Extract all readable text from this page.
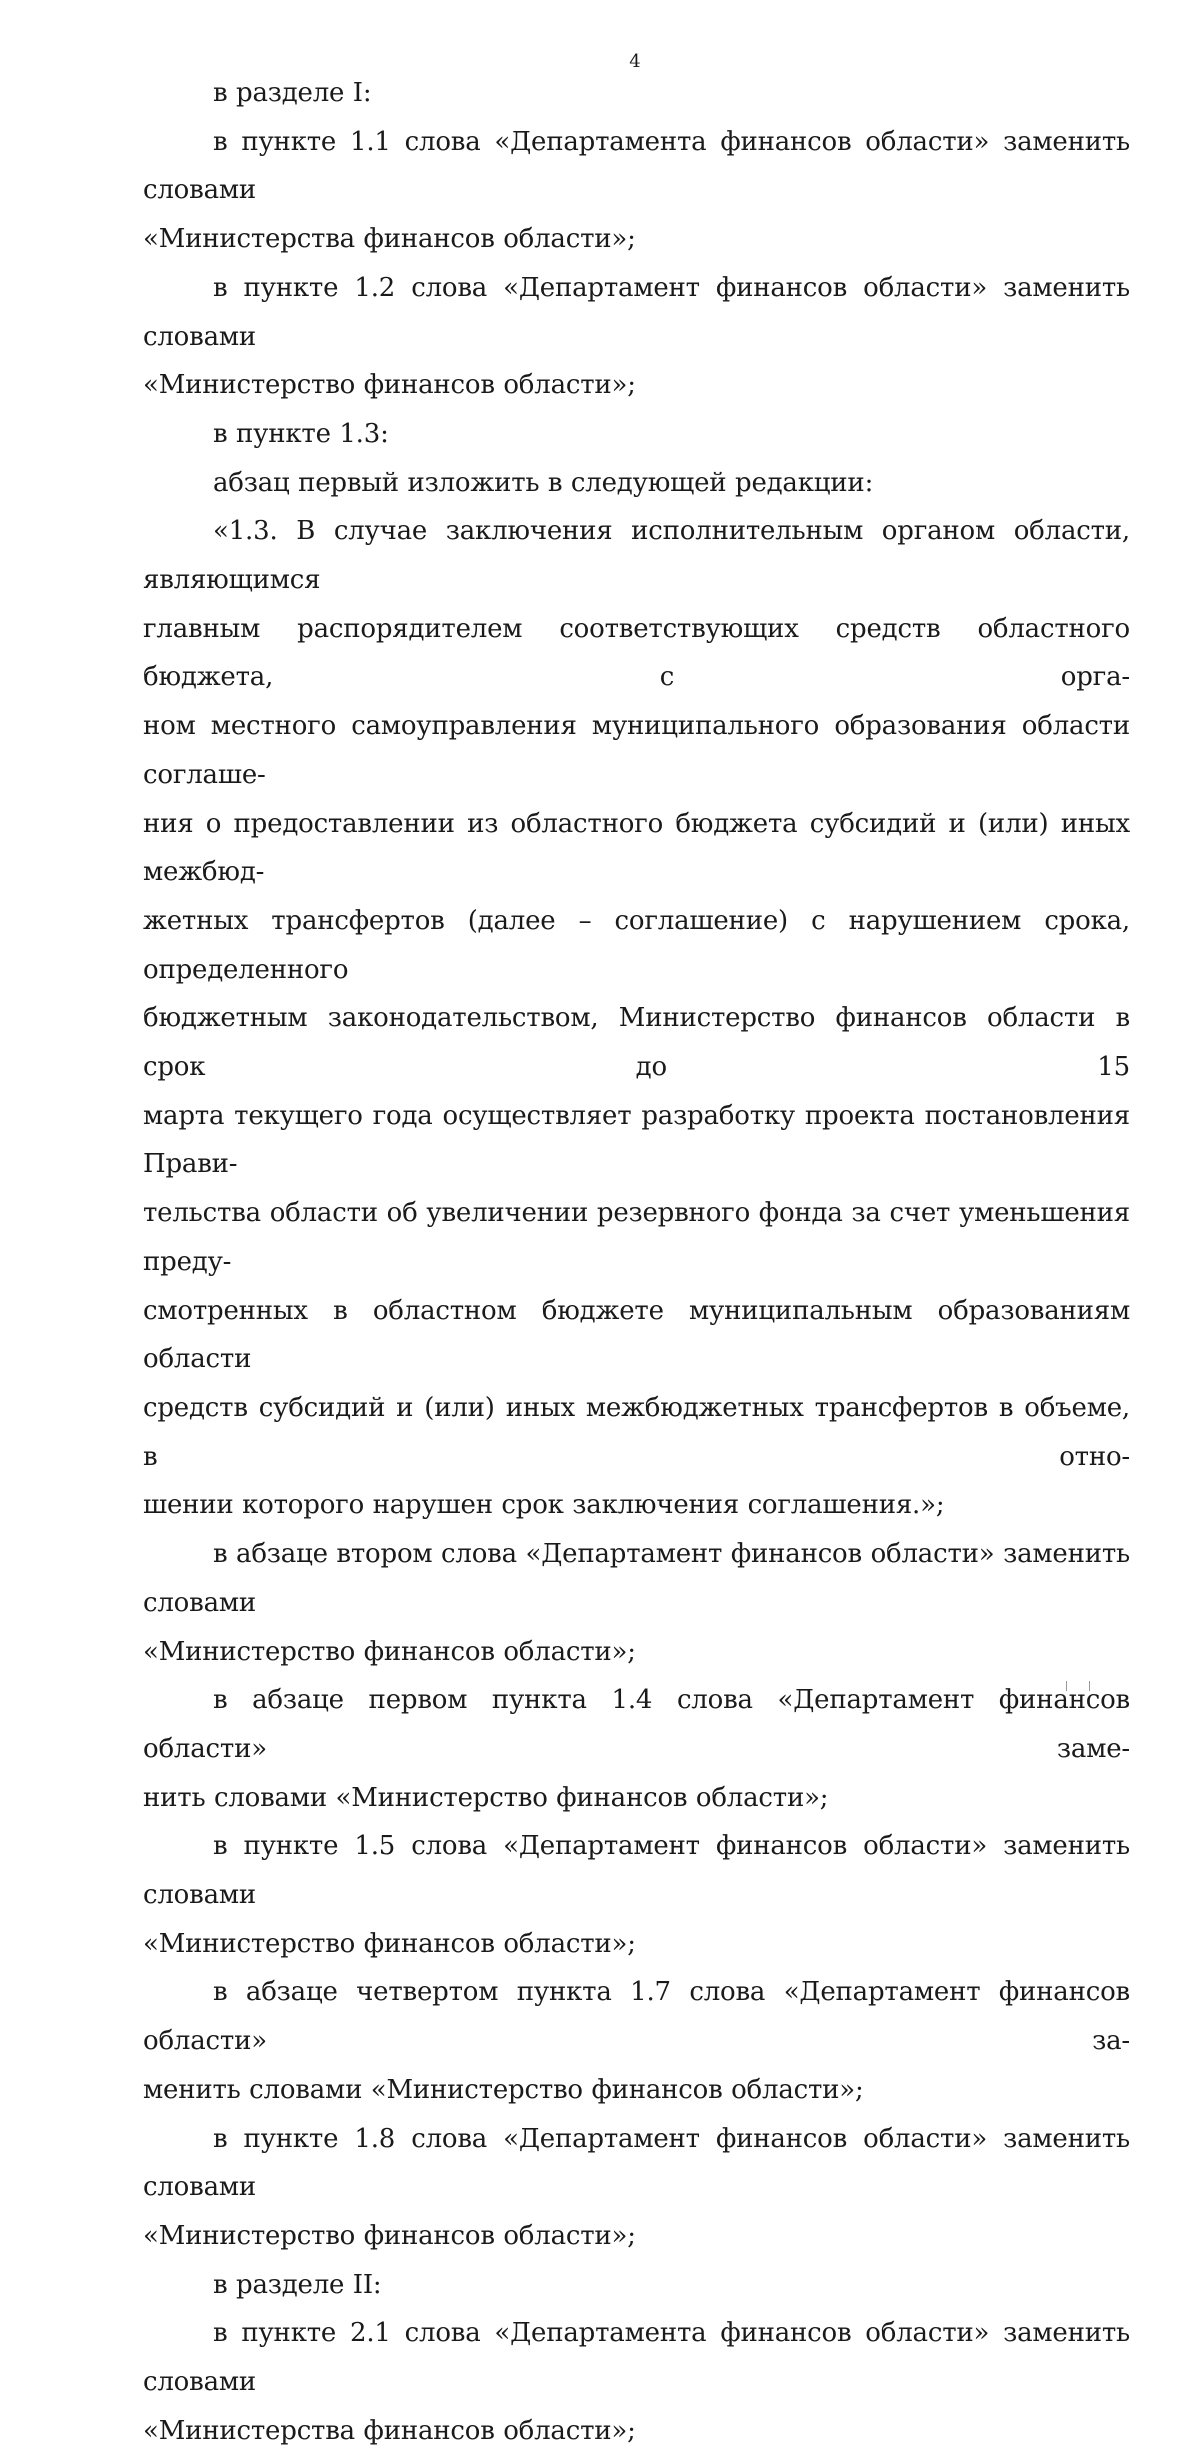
4
в разделе I:
в пункте 1.1 слова «Департамента финансов области» заменить словами
«Министерства финансов области»;
в пункте 1.2 слова «Департамент финансов области» заменить словами
«Министерство финансов области»;
в пункте 1.3:
абзац первый изложить в следующей редакции:
«1.3. В случае заключения исполнительным органом области, являющимся
главным распорядителем соответствующих средств областного бюджета, с орга-
ном местного самоуправления муниципального образования области соглаше-
ния о предоставлении из областного бюджета субсидий и (или) иных межбюд-
жетных трансфертов (далее – соглашение) с нарушением срока, определенного
бюджетным законодательством, Министерство финансов области в срок до 15
марта текущего года осуществляет разработку проекта постановления Прави-
тельства области об увеличении резервного фонда за счет уменьшения преду-
смотренных в областном бюджете муниципальным образованиям области
средств субсидий и (или) иных межбюджетных трансфертов в объеме, в отно-
шении которого нарушен срок заключения соглашения.»;
в абзаце втором слова «Департамент финансов области» заменить словами
«Министерство финансов области»;
в абзаце первом пункта 1.4 слова «Департамент финансов области» заме-
нить словами «Министерство финансов области»;
в пункте 1.5 слова «Департамент финансов области» заменить словами
«Министерство финансов области»;
в абзаце четвертом пункта 1.7 слова «Департамент финансов области» за-
менить словами «Министерство финансов области»;
в пункте 1.8 слова «Департамент финансов области» заменить словами
«Министерство финансов области»;
в разделе II:
в пункте 2.1 слова «Департамента финансов области» заменить словами
«Министерства финансов области»;
